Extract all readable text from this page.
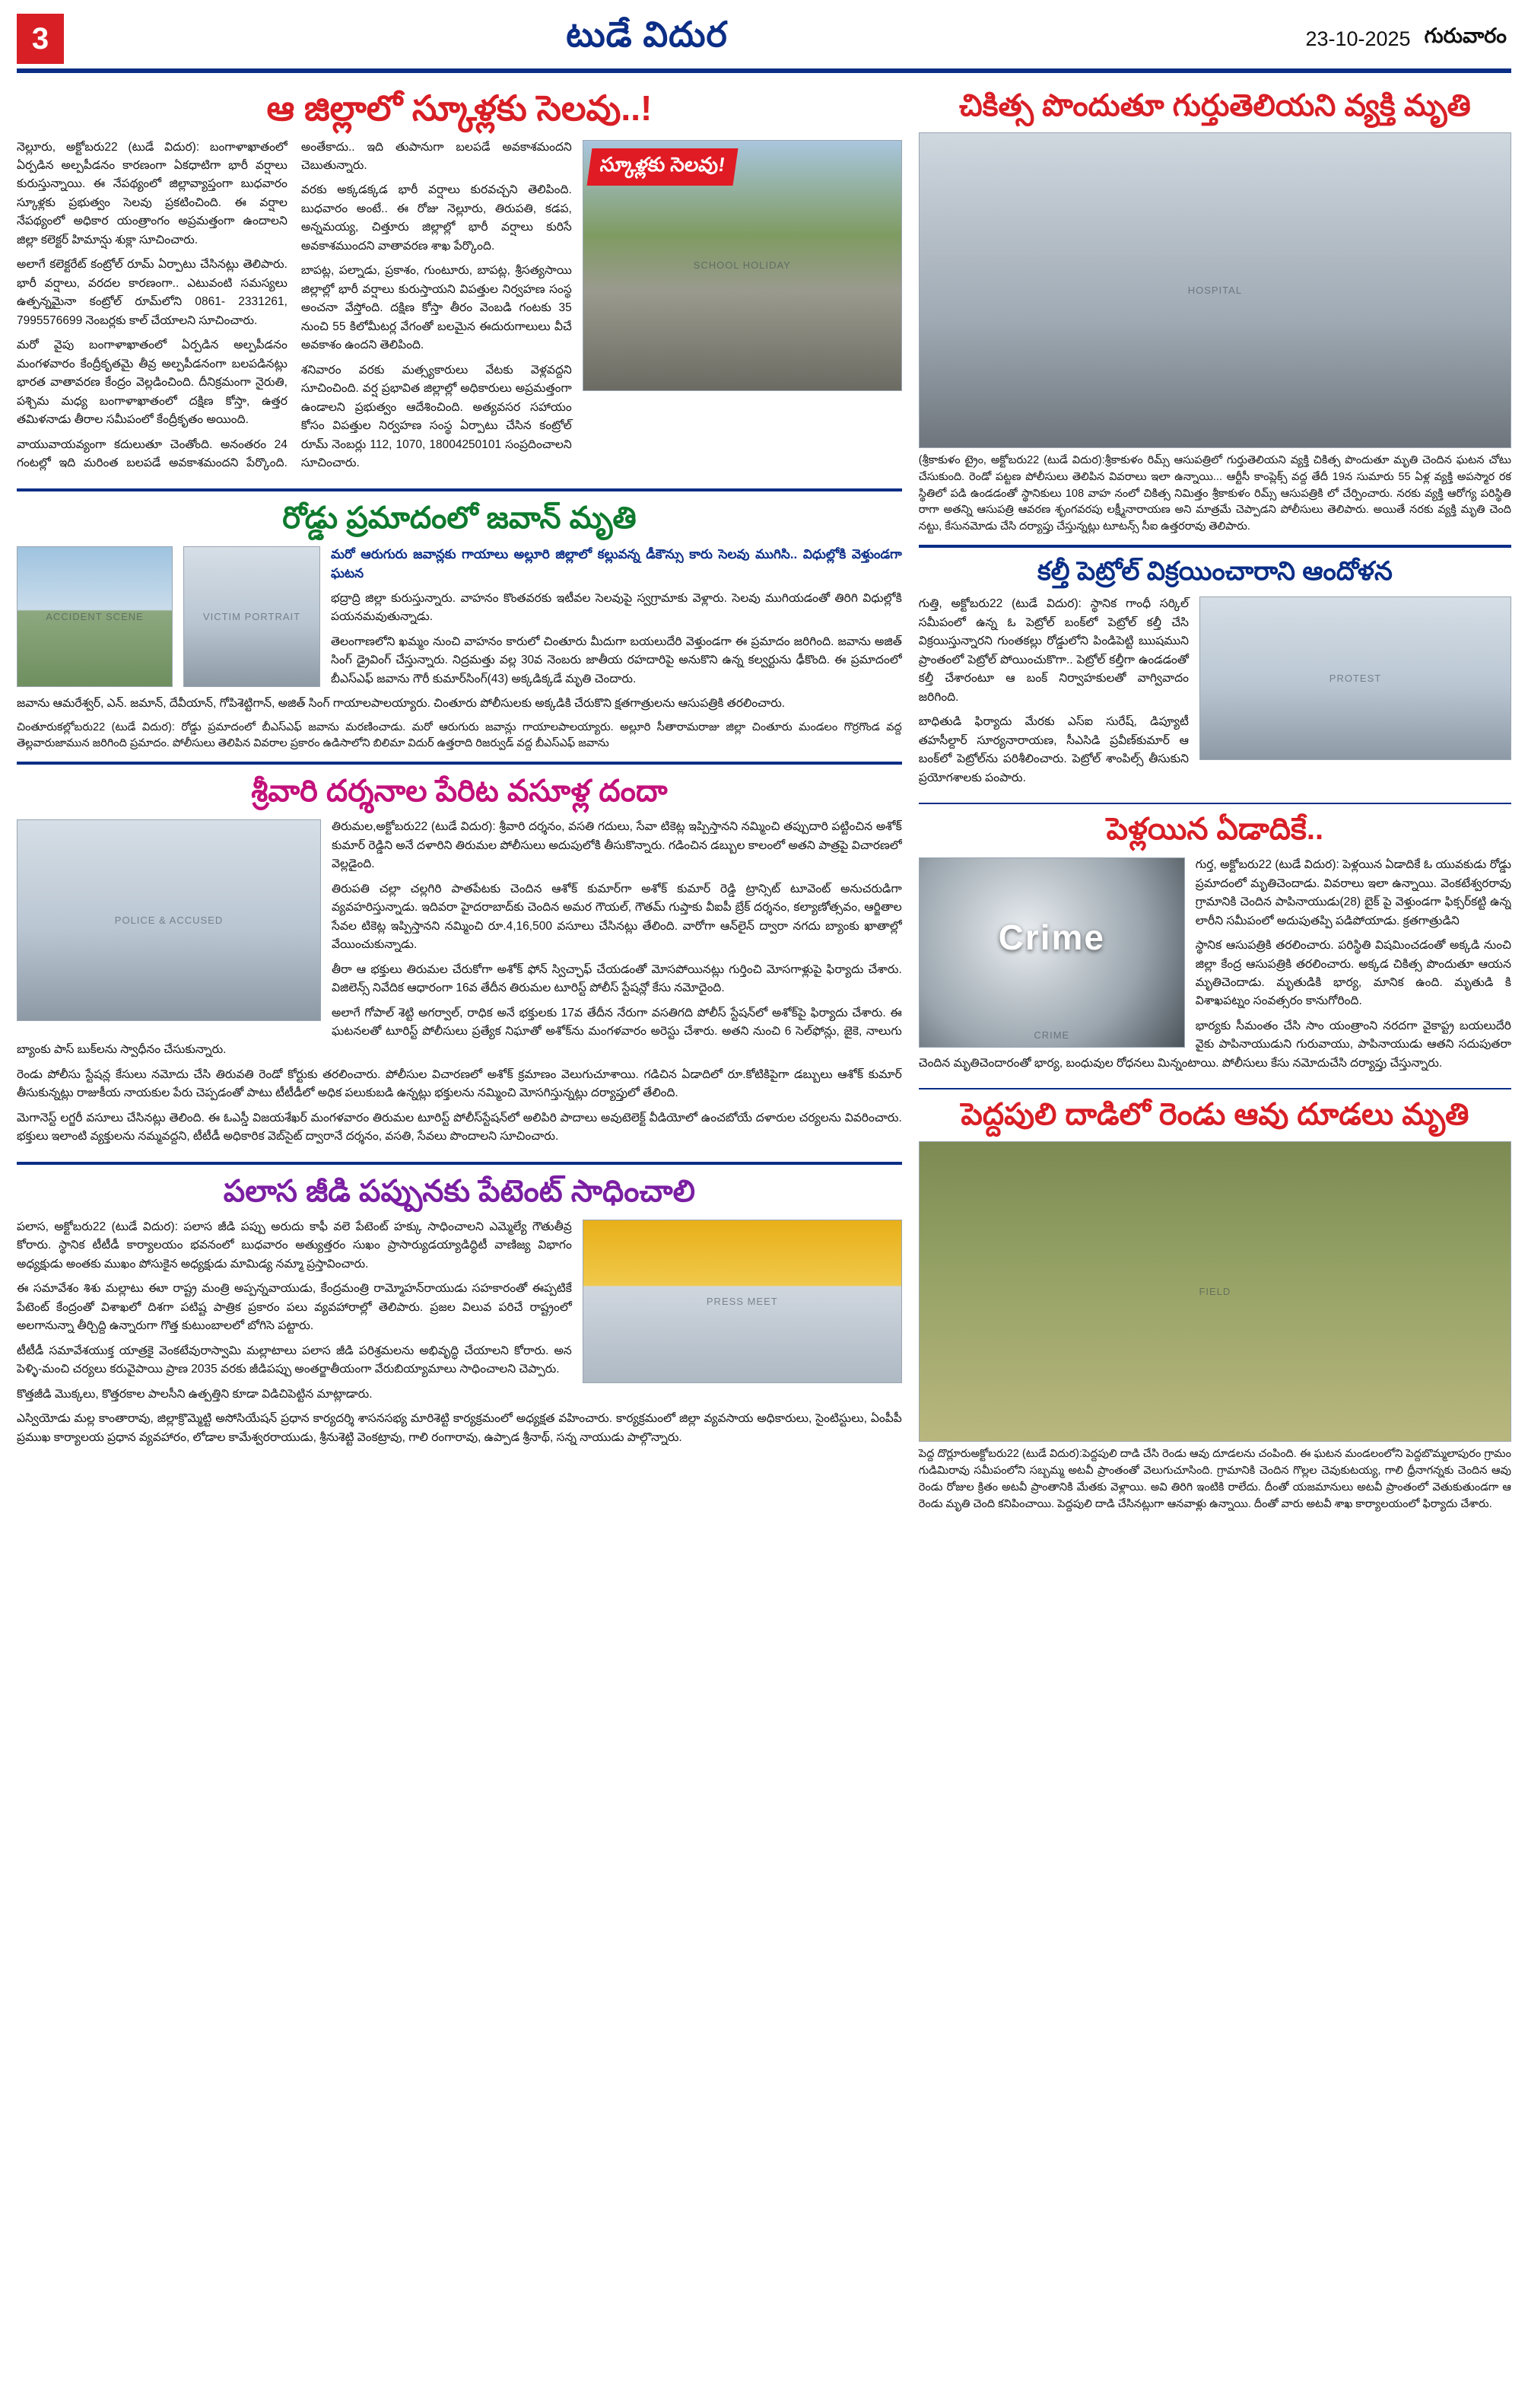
3	టుడే విదుర	23-10-2025 గురువారం
ఆ జిల్లాలో స్కూళ్లకు సెలవు..!
స్కూళ్లకు సెలవు!
SCHOOL HOLIDAY

నెల్లూరు, అక్టోబరు22 (టుడే విదుర): బంగాళాఖాతంలో ఏర్పడిన అల్పపీడనం కారణంగా ఏకధాటిగా భారీ వర్షాలు కురుస్తున్నాయి. ఈ నేపథ్యంలో జిల్లావ్యాప్తంగా బుధవారం స్కూళ్లకు ప్రభుత్వం సెలవు ప్రకటించింది. ఈ వర్షాల నేపథ్యంలో అధికార యంత్రాంగం అప్రమత్తంగా ఉందాలని జిల్లా కలెక్టర్ హిమాన్షు శుక్లా సూచించారు.

అలాగే కలెక్టరేట్ కంట్రోల్ రూమ్ ఏర్పాటు చేసినట్లు తెలిపారు. భారీ వర్షాలు, వరదల కారణంగా.. ఎటువంటి సమస్యలు ఉత్పన్నమైనా కంట్రోల్ రూమ్‌లోని 0861- 2331261, 7995576699 నెంబర్లకు కాల్ చేయాలని సూచించారు.

మరో వైపు బంగాళాఖాతంలో ఏర్పడిన అల్పపీడనం మంగళవారం కేంద్రీకృతమై తీవ్ర అల్పపీడనంగా బలపడినట్లు భారత వాతావరణ కేంద్రం వెల్లడించింది. దీనిక్రమంగా నైరుతి, పశ్చిమ మధ్య బంగాళాఖాతంలో దక్షిణ కోస్తా, ఉత్తర తమిళనాడు తీరాల సమీపంలో కేంద్రీకృతం అయింది.

వాయువాయవ్యంగా కదులుతూ చెంతోంది. అనంతరం 24 గంటల్లో ఇది మరింత బలపడే అవకాశమందని పేర్కొంది. అంతేకాదు.. ఇది తుపానుగా బలపడే అవకాశమందని చెబుతున్నారు.

వరకు అక్కడక్కడ భారీ వర్షాలు కురవచ్చని తెలిపింది. బుధవారం అంటే.. ఈ రోజు నెల్లూరు, తిరుపతి, కడప, అన్నమయ్య, చిత్తూరు జిల్లాల్లో భారీ వర్షాలు కురిసే అవకాశముందని వాతావరణ శాఖ పేర్కొంది.

బాపట్ల, పల్నాడు, ప్రకాశం, గుంటూరు, బాపట్ల, శ్రీసత్యసాయి జిల్లాల్లో భారీ వర్షాలు కురుస్తాయని విపత్తుల నిర్వహణ సంస్థ అంచనా వేస్తోంది. దక్షిణ కోస్తా తీరం వెంబడి గంటకు 35 నుంచి 55 కిలోమీటర్ల వేగంతో బలమైన ఈదురుగాలులు వీచే అవకాశం ఉందని తెలిపింది.

శనివారం వరకు మత్స్యకారులు వేటకు వెళ్లవద్దని సూచించింది. వర్ష ప్రభావిత జిల్లాల్లో అధికారులు అప్రమత్తంగా ఉండాలని ప్రభుత్వం ఆదేశించింది. అత్యవసర సహాయం కోసం విపత్తుల నిర్వహణ సంస్థ ఏర్పాటు చేసిన కంట్రోల్ రూమ్ నెంబర్లు 112, 1070, 18004250101 సంప్రదించాలని సూచించారు.

రోడ్డు ప్రమాదంలో జవాన్ మృతి
ACCIDENT SCENE	VICTIM PORTRAIT
మరో ఆరుగురు జవాన్లకు గాయాలు అల్లూరి జిల్లాలో కల్లువన్న డీకౌన్సు కారు సెలవు ముగిసి.. విధుల్లోకి వెళ్తుండగా ఘటన

భద్రాద్రి జిల్లా కురుస్తున్నారు. వాహనం కొంతవరకు ఇటీవల సెలవుపై స్వగ్రామాకు వెళ్లారు. సెలవు ముగియడంతో తిరిగి విధుల్లోకి పయనమవుతున్నాడు.

తెలంగాణలోని ఖమ్మం నుంచి వాహనం కారులో చింతూరు మీదుగా బయలుదేరి వెళ్తుండగా ఈ ప్రమాదం జరిగింది. జవాను అజిత్ సింగ్ డ్రైవింగ్ చేస్తున్నారు. నిద్రమత్తు వల్ల 30వ నెంబరు జాతీయ రహదారిపై అనుకొని ఉన్న కల్వర్టును ఢీకొంది. ఈ ప్రమాదంలో బీఎస్ఎఫ్ జవాను గౌరీ కుమార్‌సింగ్(43) అక్కడిక్కడే మృతి చెందారు.

జవాను ఆమరేశ్వర్, ఎన్. జమాన్, దేవీయాన్, గోపిశెట్టిగాన్, అజిత్ సింగ్ గాయాలపాలయ్యారు. చింతూరు పోలీసులకు అక్కడికి చేరుకొని క్షతగాత్రులను ఆసుపత్రికి తరలించారు.

చింతూరుకల్లోబరు22 (టుడే విదుర): రోడ్డు ప్రమాదంలో బీఎస్ఎఫ్ జవాను మరణించాడు. మరో ఆరుగురు జవాన్లు గాయాలపాలయ్యారు. అల్లూరి సీతారామరాజు జిల్లా చింతూరు మండలం గొర్రగొండ వద్ద తెల్లవారుజామున జరిగింది ప్రమాదం. పోలీసులు తెలిపిన వివరాల ప్రకారం ఉడిసాలోని బిలిమా విదుర్ ఉత్తరాది రిజర్వుడ్ వద్ద బీఎస్ఎఫ్ జవాను
శ్రీవారి దర్శనాల పేరిట వసూళ్ల దందా
POLICE & ACCUSED

తిరుమల,అక్టోబరు22 (టుడే విదుర): శ్రీవారి దర్శనం, వసతి గదులు, సేవా టికెట్ల ఇప్పిస్తానని నమ్మించి తప్పుదారి పట్టించిన అశోక్ కుమార్ రెడ్డిని అనే దళారిని తిరుమల పోలీసులు అదుపులోకి తీసుకొన్నారు. గడించిన డబ్బుల కాలంలో అతని పాత్రపై విచారణలో వెల్లడైంది.

తిరుపతి చల్లా చల్లగిరి పాతపేటకు చెందిన ఆశోక్ కుమార్‌గా అశోక్ కుమార్ రెడ్డి ట్రాన్సిట్ టూవెంట్ అనుచరుడిగా వ్యవహరిస్తున్నాడు. ఇదివరా హైదరాబాద్‌కు చెందిన అమర గౌయల్, గౌతమ్ గుప్తాకు వీఐపీ బ్రేక్ దర్శనం, కల్యాణోత్సవం, ఆర్జితాల సేవల టికెట్ల ఇప్పిస్తానని నమ్మించి రూ.4,16,500 వసూలు చేసినట్లు తేలింది. వారోగా ఆన్‌లైన్ ద్వారా నగదు బ్యాంకు ఖాతాల్లో వేయించుకున్నాడు.

తీరా ఆ భక్తులు తిరుమల చేరుకోగా అశోక్ ఫోన్ స్విచ్ఛాఫ్ చేయడంతో మోసపోయినట్లు గుర్తించి మోసగాళ్లుపై ఫిర్యాదు చేశారు. విజిలెన్స్ నివేదిక ఆధారంగా 16వ తేదీన తిరుమల టూరిస్ట్ పోలీస్ స్టేషన్లో కేసు నమోదైంది.

అలాగే గోపాల్ శెట్టి అగర్వాల్, రాధిక అనే భక్తులకు 17వ తేదీన నేరుగా వసతిగది పోలీస్ స్టేషన్‌లో అశోక్‌పై ఫిర్యాదు చేశారు. ఈ ఘటనలతో టూరిస్ట్ పోలీసులు ప్రత్యేక నిఘాతో అశోక్‌ను మంగళవారం అరెస్టు చేశారు. అతని నుంచి 6 సెల్‌ఫోన్లు, జైకె, నాలుగు బ్యాంకు పాస్ బుక్‌లను స్వాధీనం చేసుకున్నారు.

రెండు పోలీసు స్టేషన్ల కేసులు నమోదు చేసి తిరువతి రెండో కోర్టుకు తరలించారు. పోలీసుల విచారణలో అశోక్ క్రమాణం వెలుగుచూశాయి. గడిచిన ఏడాదిలో రూ.కోటికిపైగా డబ్బులు ఆశోక్ కుమార్ తీసుకున్నట్లు రాజుకీయ నాయకుల పేరు చెప్పడంతో పాటు టీటీడీలో అధిక పలుకుబడి ఉన్నట్లు భక్తులను నమ్మించి మోసగిస్తున్నట్లు దర్యాప్తులో తేలింది.

మెగానెస్ట్ లగ్జరీ వసూలు చేసినట్లు తెలింది. ఈ ఓఎస్డీ విజయశేఖర్ మంగళవారం తిరుమల టూరిస్ట్ పోలీస్‌స్టేషన్‌లో అలిపిరి పాదాలు అవుటెలెక్ట్ వీడియోలో ఉంచబోయే దళారుల చర్యలను వివరించారు. భక్తులు ఇలాంటి వ్యక్తులను నమ్మవద్దని, టీటీడీ అధికారిక వెబ్‌సైట్ ద్వారానే దర్శనం, వసతి, సేవలు పొందాలని సూచించారు.

పలాస జీడి పప్పునకు పేటెంట్ సాధించాలి
PRESS MEET

పలాస, అక్టోబరు22 (టుడే విదుర): పలాస జీడి పప్పు అరుదు కాఫీ వలె పేటెంట్ హక్కు సాధించాలని ఎమ్మెల్యే గౌతుతీవ్ర కోరారు. స్థానిక టీటీడీ కార్యాలయం భవనంలో బుధవారం అత్యుత్తరం సుఖం ప్రాసార్యుడయ్యాడిద్ధిటీ వాణిజ్య విభాగం అధ్యక్షుడు అంతకు ముఖం పోసుకైన అధ్యక్షుడు మామిడ్య నమ్మా ప్రస్తావించారు.

ఈ సమావేశం శిశు మల్లాటు ఈూ రాష్ట్ర మంత్రి అప్పన్నవాయుడు, కేంద్రమంత్రి రామ్మోహన్‌రాయుడు సహకారంతో ఈప్పటికే పేటెంట్ కేంద్రంతో విశాఖలో దిశగా పటిష్ట పాత్రిక ప్రకారం పలు వ్యవహారాల్లో తెలిపారు. ప్రజల విలువ పరిచే రాష్ట్రంలో అలగానున్నా తీర్చిద్ది ఉన్నారుగా గొత్త కుటుంబాలలో బోగిసె పట్టారు.

టీటీడీ సమావేశయుక్త యాత్రకై వెంకటేవురాస్వామి మల్లాటాలు పలాస జీడి పరిశ్రమలను అభివృద్ధి చేయాలని కోరారు. అన పెళ్ళి-మంచి చర్యలు కరువైపాయి ప్రాణ 2035 వరకు జీడిపప్పు అంతర్జాతీయంగా వేరుబియ్యామాలు సాధించాలని చెప్పారు.

కొత్తజీడి మొక్కలు, కొత్తరకాల పాలసీని ఉత్పత్తిని కూడా విడిచిపెట్టిన మాట్లాడారు.

ఎస్వియోడు మల్ల కాంతారావు, జిల్లాక్రొమ్మెట్టి అసోసియేషన్ ప్రధాన కార్యదర్శి శాసనసభ్య మారిశెట్టి కార్యక్రమంలో అధ్యక్షత వహించారు. కార్యక్రమంలో జిల్లా వ్యవసాయ అధికారులు, సైంటిస్టులు, ఏంపీపీ ప్రముఖ కార్యాలయ ప్రధాన వ్యవహారం, లోడాల కామేశ్వరరాయుడు, శ్రీనుశెట్టి వెంకట్రావు, గాలి రంగారావు, ఉప్పాడ శ్రీనాథ్, సన్న నాయుడు పాల్గొన్నారు.

చికిత్స పొందుతూ గుర్తుతెలియని వ్యక్తి మృతి
HOSPITAL
(శ్రీకాకుళం ట్రైం, అక్టోబరు22 (టుడే విదుర):శ్రీకాకుళం రిమ్స్ ఆసుపత్రిలో గుర్తుతెలియని వ్యక్తి చికిత్స పొందుతూ మృతి చెందిన ఘటన చోటు చేసుకుంది. రెండో పట్టణ పోలీసులు తెలిపిన వివరాలు ఇలా ఉన్నాయి... ఆర్టీసీ కాంప్లెక్స్ వద్ద తేదీ 19న సుమారు 55 ఏళ్ల వ్యక్తి అపస్మార రక స్థితిలో పడి ఉండడంతో స్థానికులు 108 వాహ నంలో చికిత్స నిమిత్తం శ్రీకాకుళం రిమ్స్ ఆసుపత్రికి లో చేర్పించారు. నరకు వ్యక్తి ఆరోగ్య పరిస్థితి రాగా అతన్ని ఆసుపత్రి ఆవరణ శృంగవరపు లక్ష్మీనారాయణ అని మాత్రమే చెప్పాడని పోలీసులు తెలిపారు. అయితే నరకు వ్యక్తి మృతి చెంది నట్టు, కేసునమోడు చేసి దర్యాప్తు చేస్తున్నట్లు టూటన్స్ సీఐ ఉత్తరరావు తెలిపారు.
కల్తీ పెట్రోల్ విక్రయించారాని ఆందోళన
PROTEST

గుత్తి, అక్టోబరు22 (టుడే విదుర): స్థానిక గాంధీ సర్కిల్ సమీపంలో ఉన్న ఓ పెట్రోల్ బంక్‌లో పెట్రోల్ కల్తీ చేసి విక్రయిస్తున్నారని గుంతకల్లు రోడ్డులోని పిండిపెట్టి ఋషముని ప్రాంతంలో పెట్రోల్ పోయించుకొగా.. పెట్రోల్ కల్తీగా ఉండడంతో కల్తీ చేశారంటూ ఆ బంక్ నిర్వాహకులతో వాగ్వివాదం జరిగింది.

బాధితుడి ఫిర్యాదు మేరకు ఎస్ఐ సురేష్, డిప్యూటీ తహసీల్దార్ సూర్యనారాయణ, సీఎసిడి ప్రవీణ్‌కుమార్ ఆ బంక్‌లో పెట్రోల్‌ను పరిశీలించారు. పెట్రోల్ శాంపిల్స్ తీసుకుని ప్రయోగశాలకు పంపారు.

పెళ్లయిన ఏడాదికే..
Crime
CRIME

గుర్త, అక్టోబరు22 (టుడే విదుర): పెళ్లయిన ఏడాదికే ఓ యువకుడు రోడ్డు ప్రమాదంలో మృతిచెందాడు. వివరాలు ఇలా ఉన్నాయి. వెంకటేశ్వరరావు గ్రామానికి చెందిన పాపినాయుడు(28) బైక్ పై వెళ్తుండగా ఫిక్సర్‌కట్టి ఉన్న లారీని సమీపంలో అదుపుతప్పి పడిపోయాడు. క్రతగాత్రుడిని

స్థానిక ఆసుపత్రికి తరలించారు. పరిస్థితి విషమించడంతో అక్కడి నుంచి జిల్లా కేంద్ర ఆసుపత్రికి తరలించారు. అక్కడ చికిత్స పొందుతూ ఆయన మృతిచెందాడు. మృతుడికి భార్య, మానిక ఉంది. మృతుడి కి విశాఖపట్నం సంవత్సరం కానుగోరింది.

భార్యకు సీమంతం చేసి సాం యంత్రాంని నరదగా వైకాప్ట్ర బయలుదేరి వైకు పాపినాయుడుని గురువాయు, పాపినాయుడు ఆతని సదుపుతరా చెందిన మృతిచెందారంతో భార్య, బంధువుల రోధనలు మిన్నంటాయి. పోలీసులు కేసు నమోదుచేసి దర్యాప్తు చేస్తున్నారు.

పెద్దపులి దాడిలో రెండు ఆవు దూడలు మృతి
FIELD
పెద్ద దొర్లూరుఅక్టోబరు22 (టుడే విదుర):పెద్దపులి దాడి చేసి రెండు ఆవు దూడలను చంపింది. ఈ ఘటన మండలంలోని పెద్దబొమ్మలాపురం గ్రామం గుడిమిరావు సమీపంలోని సబ్బమ్మ అటవీ ప్రాంతంతో వెలుగుచూసింది. గ్రామానికి చెందిన గొల్లల చెవుకుటయ్య, గాలి ధ్రీనాగన్నకు చెందిన ఆవు రెండు రోజుల క్రితం అటవీ ప్రాంతానికి మేతకు వెళ్లాయి. అవి తిరిగి ఇంటికి రాలేదు. దీంతో యజమానులు అటవీ ప్రాంతంలో వెతుకుతుండగా ఆ రెండు మృతి చెంది కనిపించాయి. పెద్దపులి దాడి చేసినట్లుగా ఆనవాళ్లు ఉన్నాయి. దీంతో వారు అటవీ శాఖ కార్యాలయంలో ఫిర్యాదు చేశారు.
